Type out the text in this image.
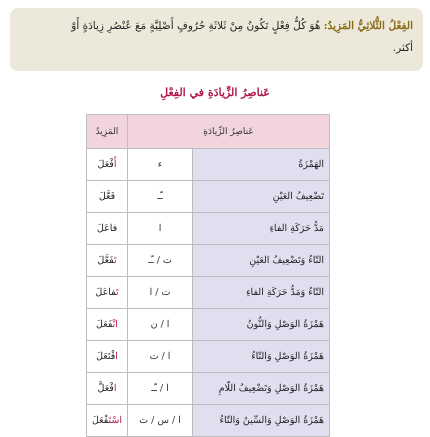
الفِعْلُ الثُّلاثِيُّ المَزِيدُ: هُوَ كُلُّ فِعْلٍ تَكُونُ مِنْ ثَلاثَةِ حُرُوفٍ أَصْلِيَّةٍ مَعَ عُنْصُرِ زِيادَةٍ أَوْ
أكثر.
عَناصِرُ الزِّيادَةِ في الفِعْلِ
عَناصِرُ الزِّيادَةِ		المَزِيدُ
الهَمْزَةُ	ء	أَفْعَلَ
تَضْعِيفُ العَيْنِ	ـّـ	فَعَّلَ
مَدُّ حَرَكَةِ الفاءِ	ا	فاعَلَ
التّاءُ وَتَضْعِيفُ العَيْنِ	ت / ـّـ	تَفَعَّلَ
التّاءُ وَمَدُّ حَرَكَةِ الفاءِ	ت / ا	تَفاعَلَ
هَمْزَةُ الوَصْلِ وَالنُّونُ	ا / ن	انْفَعَلَ
هَمْزَةُ الوَصْلِ وَالتّاءُ	ا / ت	افْتَعَلَ
هَمْزَةُ الوَصْلِ وَتَضْعِيفُ اللّامِ	ا / ـّـ	افْعَلَّ
هَمْزَةُ الوَصْلِ وَالسِّينُ وَالتّاءُ	ا / س / ت	اسْتَفْعَلَ
